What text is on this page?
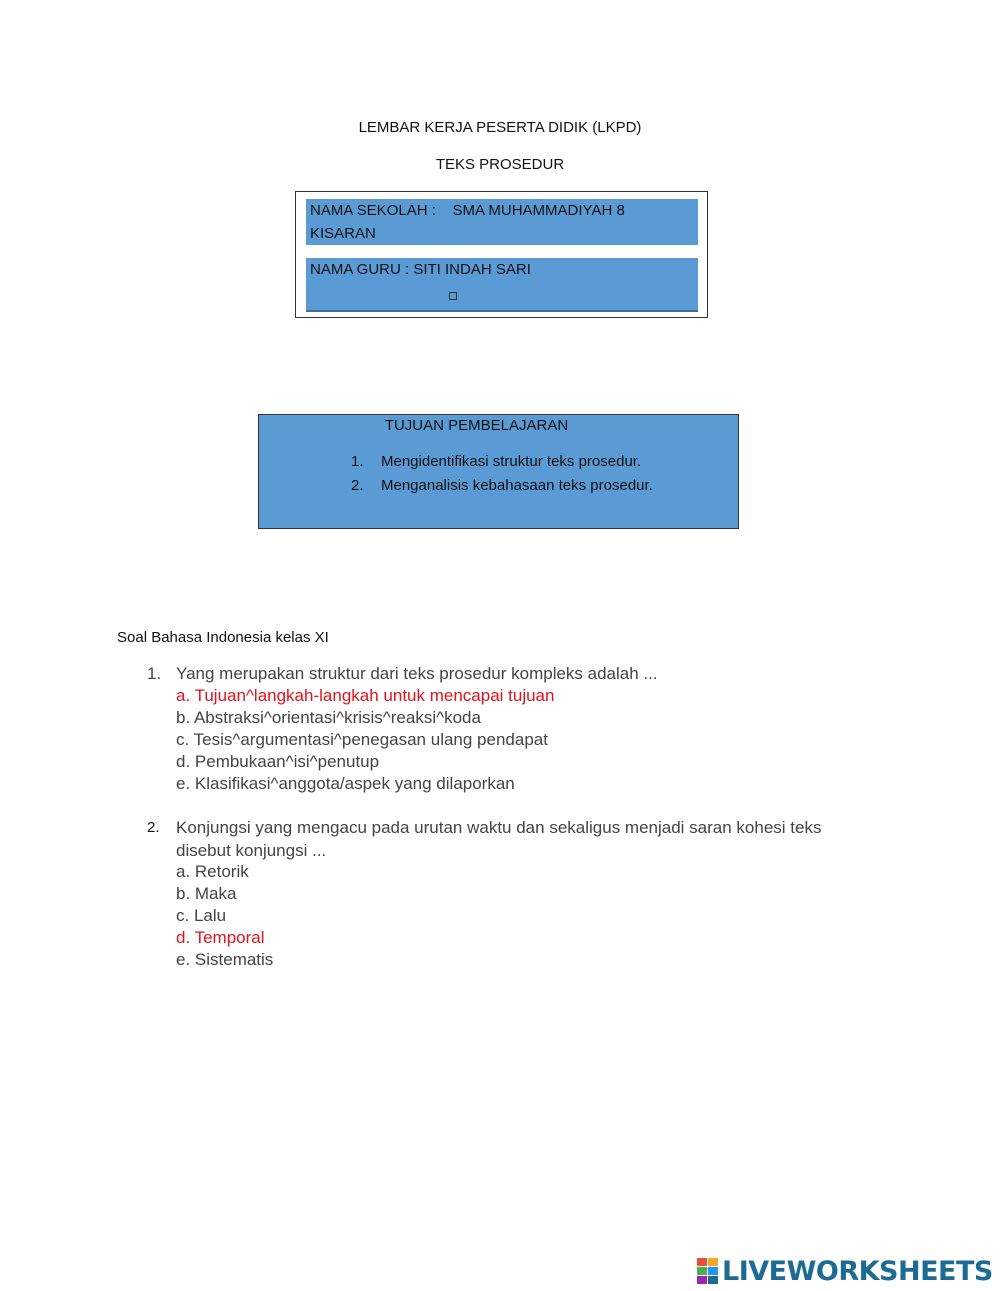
LEMBAR KERJA PESERTA DIDIK (LKPD)
TEKS PROSEDUR
NAMA SEKOLAH :    SMA MUHAMMADIYAH 8
KISARAN
NAMA GURU : SITI INDAH SARI
TUJUAN PEMBELAJARAN
1. Mengidentifikasi struktur teks prosedur.
2. Menganalisis kebahasaan teks prosedur.
Soal Bahasa Indonesia kelas XI
1. Yang merupakan struktur dari teks prosedur kompleks adalah ...
a. Tujuan^langkah-langkah untuk mencapai tujuan
b. Abstraksi^orientasi^krisis^reaksi^koda
c. Tesis^argumentasi^penegasan ulang pendapat
d. Pembukaan^isi^penutup
e. Klasifikasi^anggota/aspek yang dilaporkan
2. Konjungsi yang mengacu pada urutan waktu dan sekaligus menjadi saran kohesi teks
disebut konjungsi ...
a. Retorik
b. Maka
c. Lalu
d. Temporal
e. Sistematis
LIVEWORKSHEETS
